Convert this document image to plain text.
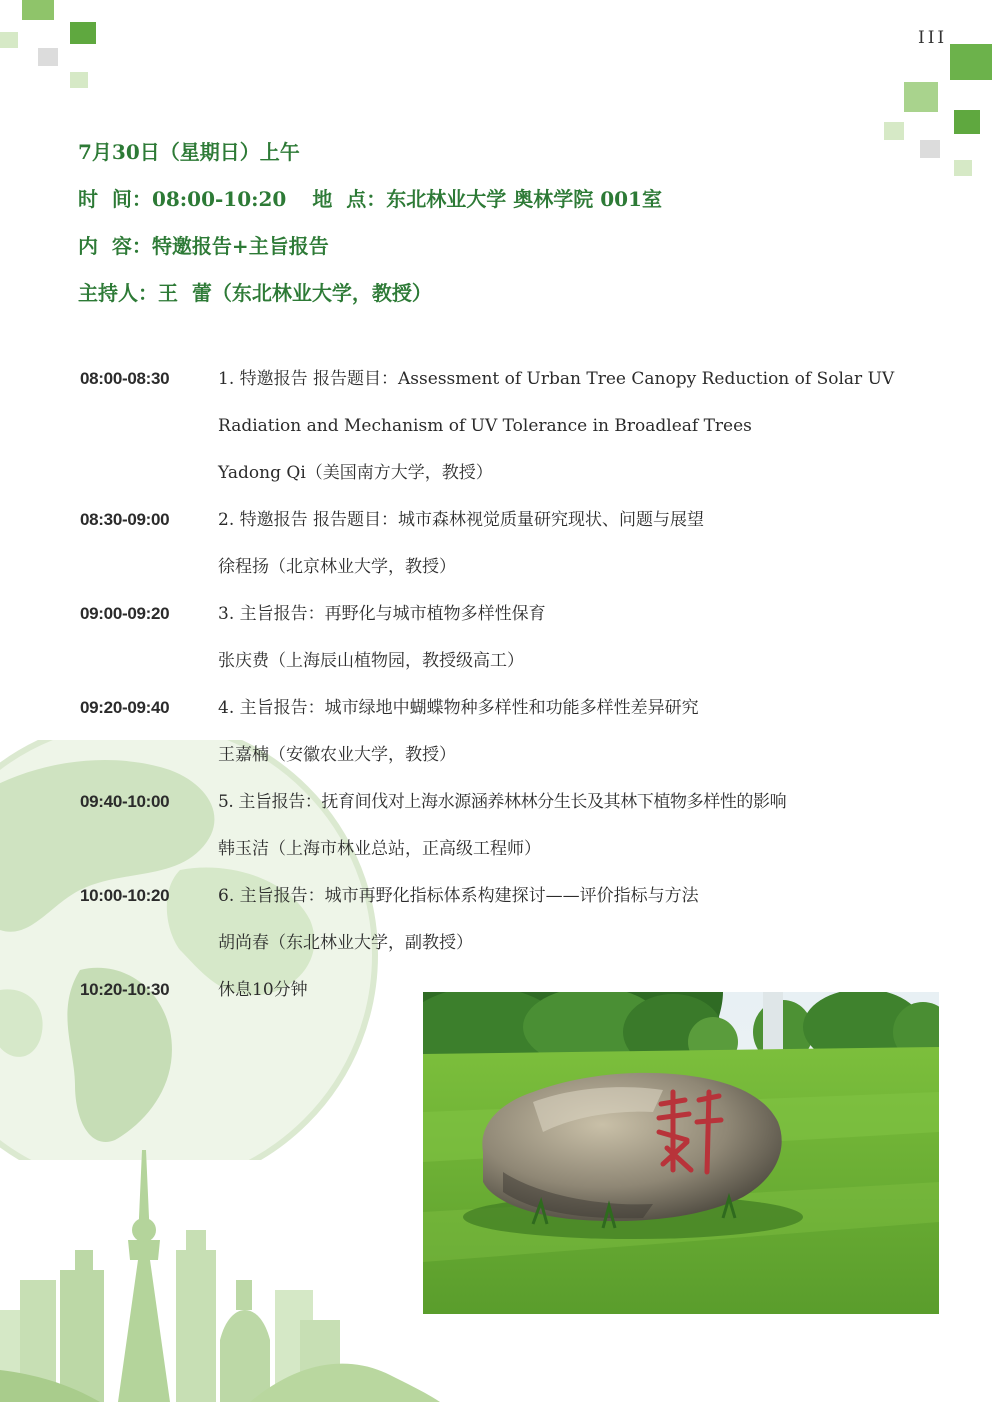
III
7月30日（星期日）上午
时  间：08:00-10:20 地  点：东北林业大学 奥林学院 001室
内  容：特邀报告+主旨报告
主持人：王  蕾（东北林业大学，教授）
08:00-08:30	1. 特邀报告 报告题目：Assessment of Urban Tree Canopy Reduction of Solar UV
Radiation and Mechanism of UV Tolerance in Broadleaf Trees
Yadong Qi（美国南方大学，教授）
08:30-09:00	2. 特邀报告 报告题目：城市森林视觉质量研究现状、问题与展望
徐程扬（北京林业大学，教授）
09:00-09:20	3. 主旨报告：再野化与城市植物多样性保育
张庆费（上海辰山植物园，教授级高工）
09:20-09:40	4. 主旨报告：城市绿地中蝴蝶物种多样性和功能多样性差异研究
王嘉楠（安徽农业大学，教授）
09:40-10:00	5. 主旨报告：抚育间伐对上海水源涵养林林分生长及其林下植物多样性的影响
韩玉洁（上海市林业总站，正高级工程师）
10:00-10:20	6. 主旨报告：城市再野化指标体系构建探讨——评价指标与方法
胡尚春（东北林业大学，副教授）
10:20-10:30	休息10分钟
